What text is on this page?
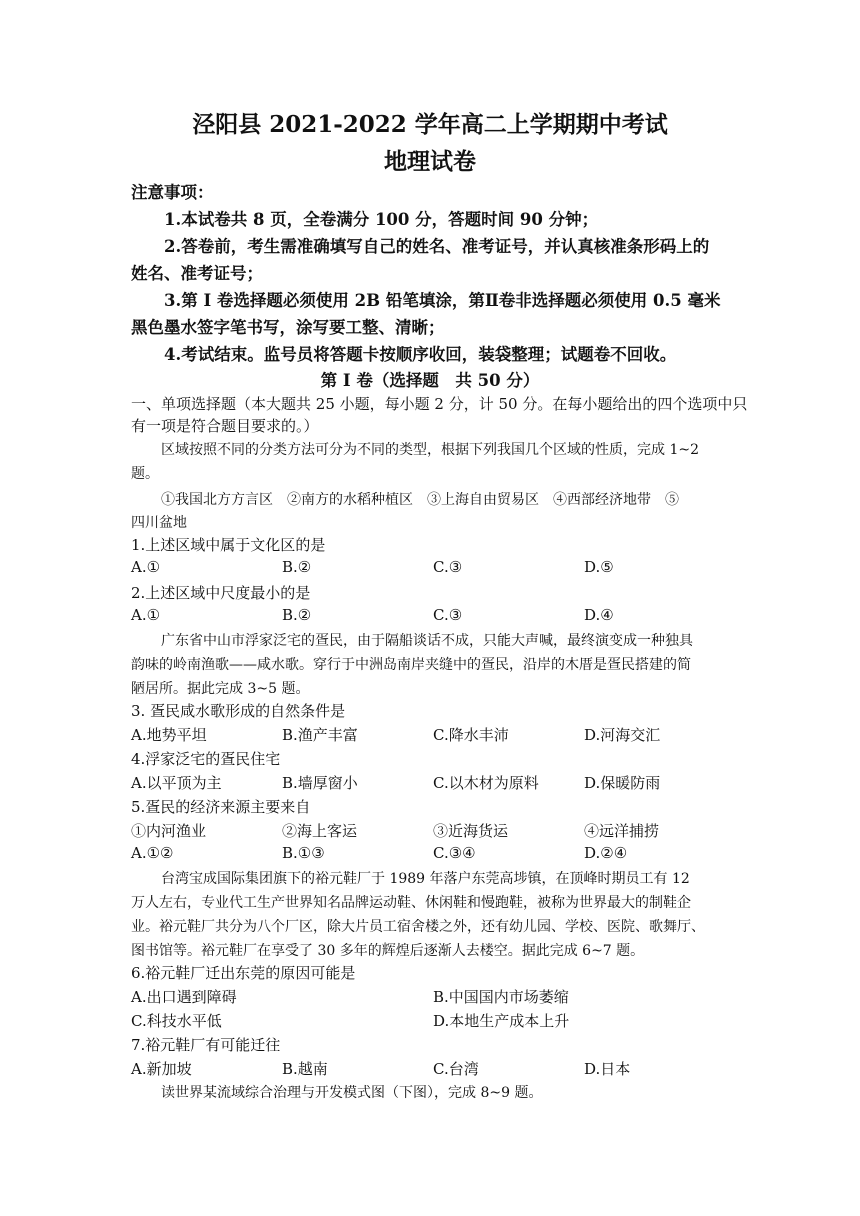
泾阳县 2021-2022 学年高二上学期期中考试
地理试卷
注意事项：
1.本试卷共 8 页，全卷满分 100 分，答题时间 90 分钟；
2.答卷前，考生需准确填写自己的姓名、准考证号，并认真核准条形码上的
姓名、准考证号；
3.第 I 卷选择题必须使用 2B 铅笔填涂，第Ⅱ卷非选择题必须使用 0.5 毫米
黑色墨水签字笔书写，涂写要工整、清晰；
4.考试结束。监号员将答题卡按顺序收回，装袋整理；试题卷不回收。
第 I 卷（选择题　共 50 分）
一、单项选择题（本大题共 25 小题，每小题 2 分，计 50 分。在每小题给出的四个选项中只
有一项是符合题目要求的。）
区域按照不同的分类方法可分为不同的类型，根据下列我国几个区域的性质，完成 1~2
题。
①我国北方方言区　②南方的水稻种植区　③上海自由贸易区　④西部经济地带　⑤
四川盆地
1.上述区域中属于文化区的是
A.①	B.②	C.③	D.⑤
2.上述区域中尺度最小的是
A.①	B.②	C.③	D.④
广东省中山市浮家泛宅的疍民，由于隔船谈话不成，只能大声喊，最终演变成一种独具
韵味的岭南渔歌——咸水歌。穿行于中洲岛南岸夹缝中的疍民，沿岸的木厝是疍民搭建的简
陋居所。据此完成 3~5 题。
3. 疍民咸水歌形成的自然条件是
A.地势平坦	B.渔产丰富	C.降水丰沛	D.河海交汇
4.浮家泛宅的疍民住宅
A.以平顶为主	B.墙厚窗小	C.以木材为原料	D.保暖防雨
5.疍民的经济来源主要来自
①内河渔业	②海上客运	③近海货运	④远洋捕捞
A.①②	B.①③	C.③④	D.②④
台湾宝成国际集团旗下的裕元鞋厂于 1989 年落户东莞高埗镇，在顶峰时期员工有 12
万人左右，专业代工生产世界知名品牌运动鞋、休闲鞋和慢跑鞋，被称为世界最大的制鞋企
业。裕元鞋厂共分为八个厂区，除大片员工宿舍楼之外，还有幼儿园、学校、医院、歌舞厅、
图书馆等。裕元鞋厂在享受了 30 多年的辉煌后逐渐人去楼空。据此完成 6~7 题。
6.裕元鞋厂迁出东莞的原因可能是
A.出口遇到障碍	B.中国国内市场萎缩
C.科技水平低	D.本地生产成本上升
7.裕元鞋厂有可能迁往
A.新加坡	B.越南	C.台湾	D.日本
读世界某流域综合治理与开发模式图（下图），完成 8~9 题。
